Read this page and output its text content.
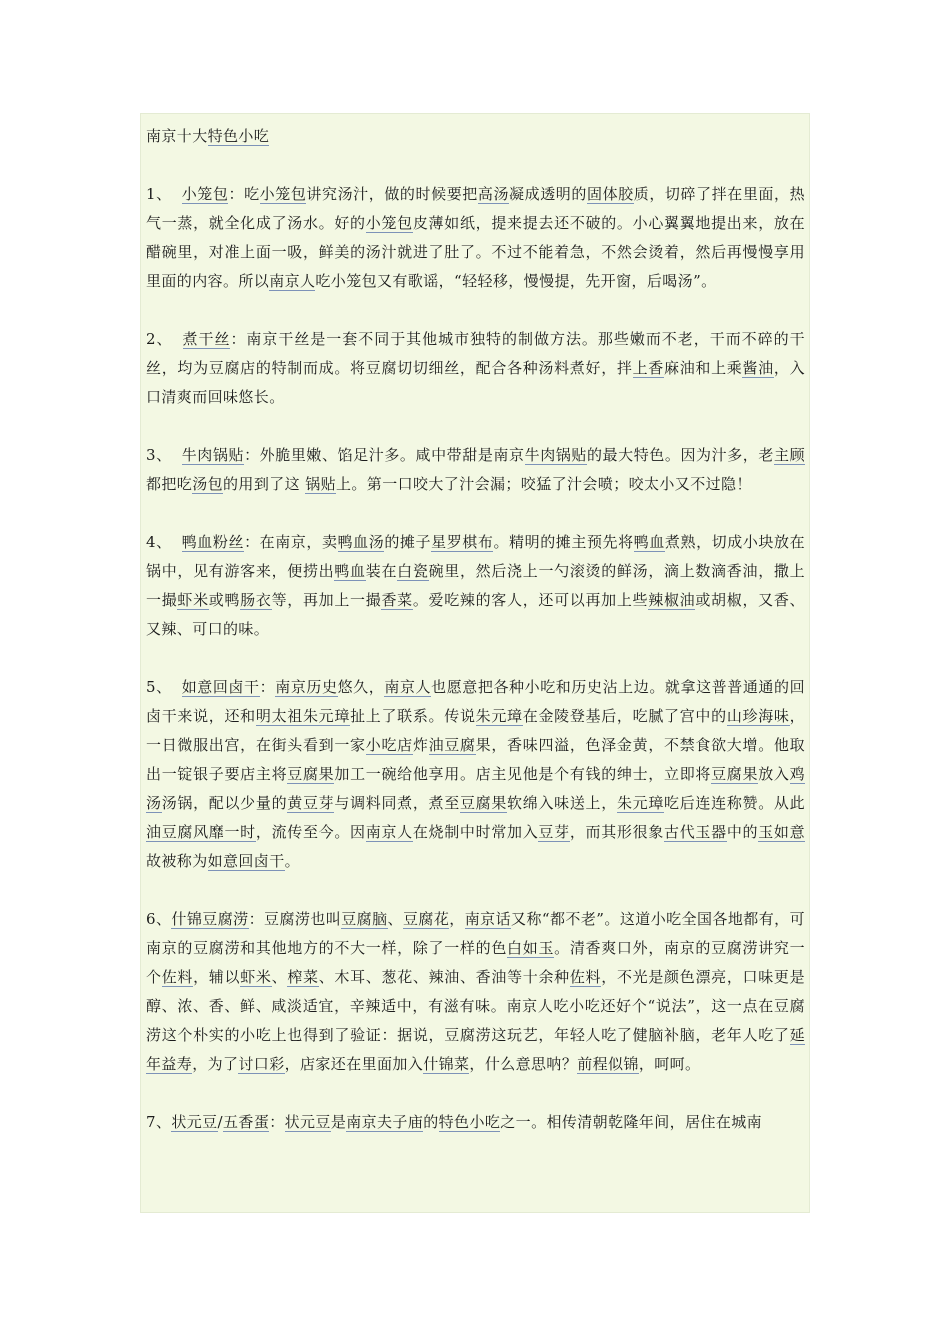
南京十大特色小吃
1、 小笼包：吃小笼包讲究汤汁，做的时候要把高汤凝成透明的固体胶质，切碎了拌在里面，热气一蒸，就全化成了汤水。好的小笼包皮薄如纸，提来提去还不破的。小心翼翼地提出来，放在醋碗里，对准上面一吸，鲜美的汤汁就进了肚了。不过不能着急，不然会烫着，然后再慢慢享用里面的内容。所以南京人吃小笼包又有歌谣，“轻轻移，慢慢提，先开窗，后喝汤”。
2、 煮干丝：南京干丝是一套不同于其他城市独特的制做方法。那些嫩而不老，干而不碎的干丝，均为豆腐店的特制而成。将豆腐切切细丝，配合各种汤料煮好，拌上香麻油和上乘酱油，入口清爽而回味悠长。
3、 牛肉锅贴：外脆里嫩、馅足汁多。咸中带甜是南京牛肉锅贴的最大特色。因为汁多，老主顾都把吃汤包的用到了这 锅贴上。第一口咬大了汁会漏；咬猛了汁会喷；咬太小又不过隐！
4、 鸭血粉丝：在南京，卖鸭血汤的摊子星罗棋布。精明的摊主预先将鸭血煮熟，切成小块放在锅中，见有游客来，便捞出鸭血装在白瓷碗里，然后浇上一勺滚烫的鲜汤，滴上数滴香油，撒上一撮虾米或鸭肠衣等，再加上一撮香菜。爱吃辣的客人，还可以再加上些辣椒油或胡椒，又香、又辣、可口的味。
5、 如意回卤干：南京历史悠久，南京人也愿意把各种小吃和历史沾上边。就拿这普普通通的回卤干来说，还和明太祖朱元璋扯上了联系。传说朱元璋在金陵登基后，吃腻了宫中的山珍海味，一日微服出宫，在街头看到一家小吃店炸油豆腐果，香味四溢，色泽金黄，不禁食欲大增。他取出一锭银子要店主将豆腐果加工一碗给他享用。店主见他是个有钱的绅士，立即将豆腐果放入鸡汤汤锅，配以少量的黄豆芽与调料同煮，煮至豆腐果软绵入味送上，朱元璋吃后连连称赞。从此油豆腐风靡一时，流传至今。因南京人在烧制中时常加入豆芽，而其形很象古代玉器中的玉如意故被称为如意回卤干。
6、什锦豆腐涝：豆腐涝也叫豆腐脑、豆腐花，南京话又称“都不老”。这道小吃全国各地都有，可南京的豆腐涝和其他地方的不大一样，除了一样的色白如玉。清香爽口外，南京的豆腐涝讲究一个佐料，辅以虾米、榨菜、木耳、葱花、辣油、香油等十余种佐料，不光是颜色漂亮，口味更是醇、浓、香、鲜、咸淡适宜，辛辣适中，有滋有味。南京人吃小吃还好个“说法”，这一点在豆腐涝这个朴实的小吃上也得到了验证：据说，豆腐涝这玩艺，年轻人吃了健脑补脑，老年人吃了延年益寿，为了讨口彩，店家还在里面加入什锦菜，什么意思呐？前程似锦，呵呵。
7、状元豆/五香蛋：状元豆是南京夫子庙的特色小吃之一。相传清朝乾隆年间，居住在城南
